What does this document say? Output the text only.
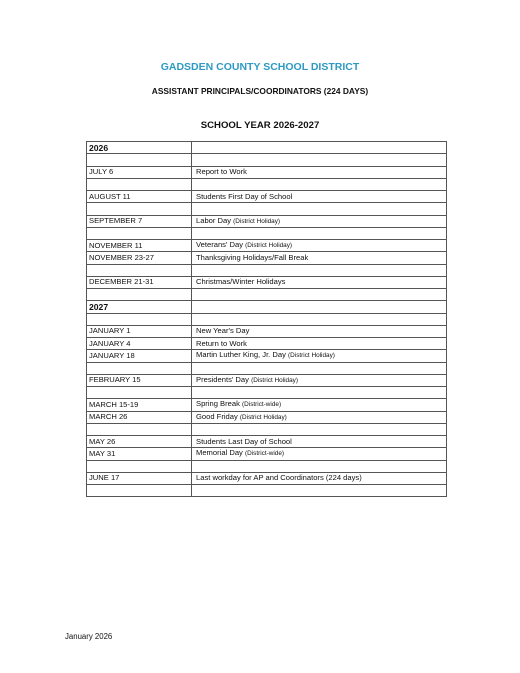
GADSDEN COUNTY SCHOOL DISTRICT
ASSISTANT PRINCIPALS/COORDINATORS (224 DAYS)
SCHOOL YEAR 2026-2027
2026	

JULY 6	Report to Work

AUGUST 11	Students First Day of School

SEPTEMBER 7	Labor Day (District Holiday)

NOVEMBER 11	Veterans' Day (District Holiday)
NOVEMBER 23-27	Thanksgiving Holidays/Fall Break

DECEMBER 21-31	Christmas/Winter Holidays

2027	

JANUARY 1	New Year's Day
JANUARY 4	Return to Work
JANUARY 18	Martin Luther King, Jr. Day (District Holiday)

FEBRUARY 15	Presidents' Day (District Holiday)

MARCH 15-19	Spring Break (District-wide)
MARCH 26	Good Friday (District Holiday)

MAY 26	Students Last Day of School
MAY 31	Memorial Day (District-wide)

JUNE 17	Last workday for AP and Coordinators (224 days)

January 2026
